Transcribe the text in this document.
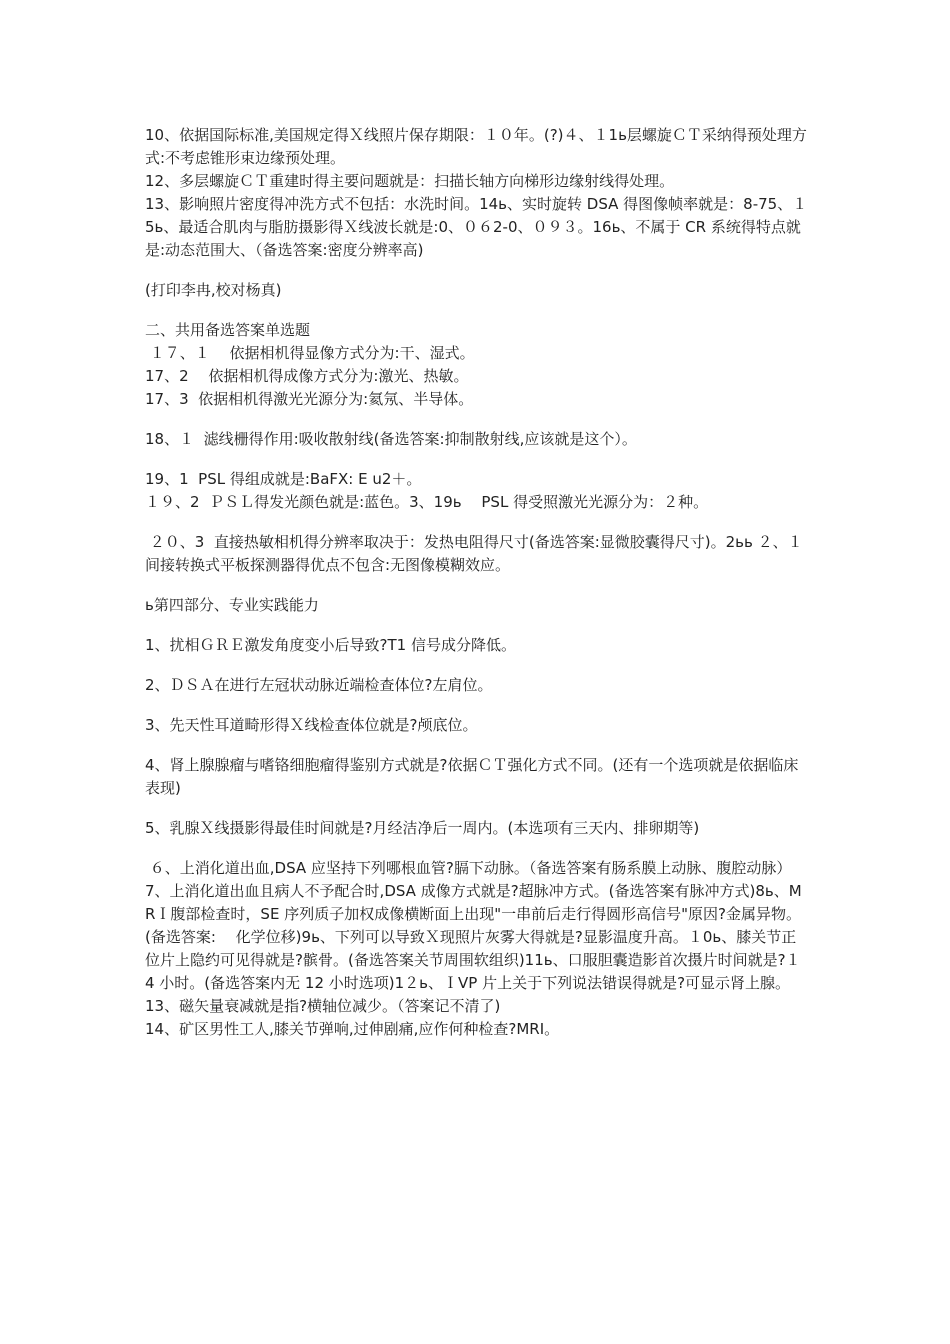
10、依据国际标准,美国规定得Ｘ线照片保存期限：１０年。(?)４、１1ь层螺旋ＣＴ采纳得预处理方式:不考虑锥形束边缘预处理。

12、多层螺旋ＣＴ重建时得主要问题就是：扫描长轴方向梯形边缘射线得处理。

13、影响照片密度得冲洗方式不包括：水洗时间。14ь、实时旋转 DSA 得图像帧率就是：8-75、１5ь、最适合肌肉与脂肪摄影得Ｘ线波长就是:0、０６2-0、０９３。16ь、不属于 CR 系统得特点就是:动态范围大、（备选答案:密度分辨率高)

(打印李冉,校对杨真)

二、共用备选答案单选题

１７、１　 依据相机得显像方式分为:干、湿式。

17、2　 依据相机得成像方式分为:激光、热敏。

17、3  依据相机得激光光源分为:氦氖、半导体。

18、１  滤线栅得作用:吸收散射线(备选答案:抑制散射线,应该就是这个）。

19、1  PSL 得组成就是:BaFX: E u2＋。

１９、2  ＰＳＬ得发光颜色就是:蓝色。3、19ь　 PSL 得受照激光光源分为：２种。

２０、3  直接热敏相机得分辨率取决于：发热电阻得尺寸(备选答案:显微胶囊得尺寸)。2ьь ２、１  间接转换式平板探测器得优点不包含:无图像模糊效应。

ь第四部分、专业实践能力

1、扰相ＧＲＥ激发角度变小后导致?T1 信号成分降低。

2、ＤＳＡ在进行左冠状动脉近端检查体位?左肩位。

3、先天性耳道畸形得Ｘ线检查体位就是?颅底位。

4、肾上腺腺瘤与嗜铬细胞瘤得鉴别方式就是?依据ＣＴ强化方式不同。(还有一个选项就是依据临床表现)

5、乳腺Ｘ线摄影得最佳时间就是?月经洁净后一周内。(本选项有三天内、排卵期等)

６、上消化道出血,DSA 应坚持下列哪根血管?膈下动脉。（备选答案有肠系膜上动脉、腹腔动脉）

7、上消化道出血且病人不予配合时,DSA 成像方式就是?超脉冲方式。(备选答案有脉冲方式)8ь、MRＩ腹部检查时，SE 序列质子加权成像横断面上出现"一串前后走行得圆形高信号"原因?金属异物。(备选答案:　 化学位移)9ь、下列可以导致Ｘ现照片灰雾大得就是?显影温度升高。１0ь、膝关节正位片上隐约可见得就是?髌骨。(备选答案关节周围软组织)11ь、口服胆囊造影首次摄片时间就是?１4 小时。(备选答案内无 12 小时选项)1２ь、ＩVP 片上关于下列说法错误得就是?可显示肾上腺。

13、磁矢量衰减就是指?横轴位减少。（答案记不清了)

14、矿区男性工人,膝关节弹响,过伸剧痛,应作何种检查?MRI。
